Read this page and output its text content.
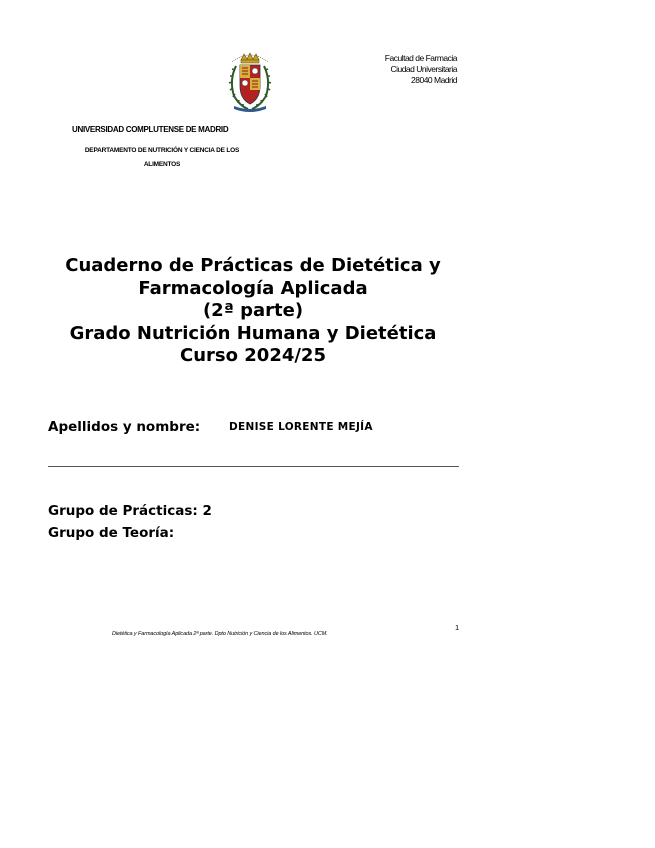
Facultad de Farmacia
Ciudad Universitaria
28040 Madrid
UNIVERSIDAD COMPLUTENSE DE MADRID
DEPARTAMENTO DE NUTRICIÓN Y CIENCIA DE LOS
ALIMENTOS
Cuaderno de Prácticas de Dietética y
Farmacología Aplicada
(2ª parte)
Grado Nutrición Humana y Dietética
Curso 2024/25
Apellidos y nombre:	DENISE LORENTE MEJÍA
Grupo de Prácticas: 2
Grupo de Teoría:
1
Dietética y Farmacología Aplicada 2ª parte. Dpto Nutrición y Ciencia de los Alimentos. UCM.
